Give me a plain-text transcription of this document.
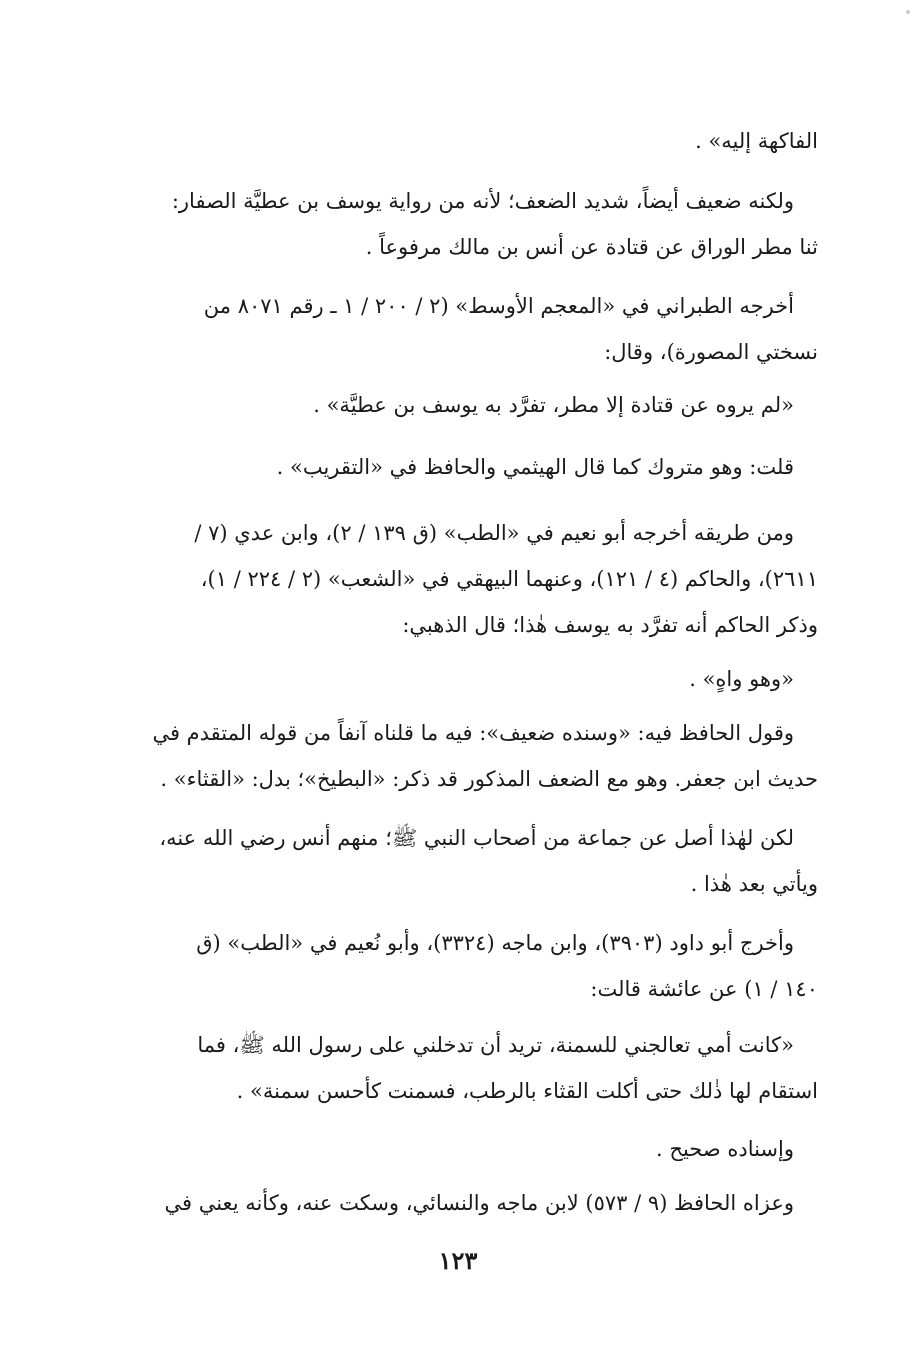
الفاكهة إليه» .
ولكنه ضعيف أيضاً، شديد الضعف؛ لأنه من رواية يوسف بن عطيَّة الصفار:
ثنا مطر الوراق عن قتادة عن أنس بن مالك مرفوعاً .
أخرجه الطبراني في «المعجم الأوسط» (٢ / ٢٠٠ / ١ ـ رقم ٨٠٧١ من
نسختي المصورة)، وقال:
«لم يروه عن قتادة إلا مطر، تفرَّد به يوسف بن عطيَّة» .
قلت: وهو متروك كما قال الهيثمي والحافظ في «التقريب» .
ومن طريقه أخرجه أبو نعيم في «الطب» (ق ١٣٩ / ٢)، وابن عدي (٧ /
٢٦١١)، والحاكم (٤ / ١٢١)، وعنهما البيهقي في «الشعب» (٢ / ٢٢٤ / ١)،
وذكر الحاكم أنه تفرَّد به يوسف هٰذا؛ قال الذهبي:
«وهو واهٍ» .
وقول الحافظ فيه: «وسنده ضعيف»: فيه ما قلناه آنفاً من قوله المتقدم في
حديث ابن جعفر. وهو مع الضعف المذكور قد ذكر: «البطيخ»؛ بدل: «القثاء» .
لكن لهٰذا أصل عن جماعة من أصحاب النبي ﷺ؛ منهم أنس رضي الله عنه،
ويأتي بعد هٰذا .
وأخرج أبو داود (٣٩٠٣)، وابن ماجه (٣٣٢٤)، وأبو نُعيم في «الطب» (ق
١٤٠ / ١) عن عائشة قالت:
«كانت أمي تعالجني للسمنة، تريد أن تدخلني على رسول الله ﷺ، فما
استقام لها ذٰلك حتى أكلت القثاء بالرطب، فسمنت كأحسن سمنة» .
وإسناده صحيح .
وعزاه الحافظ (٩ / ٥٧٣) لابن ماجه والنسائي، وسكت عنه، وكأنه يعني في
١٢٣
